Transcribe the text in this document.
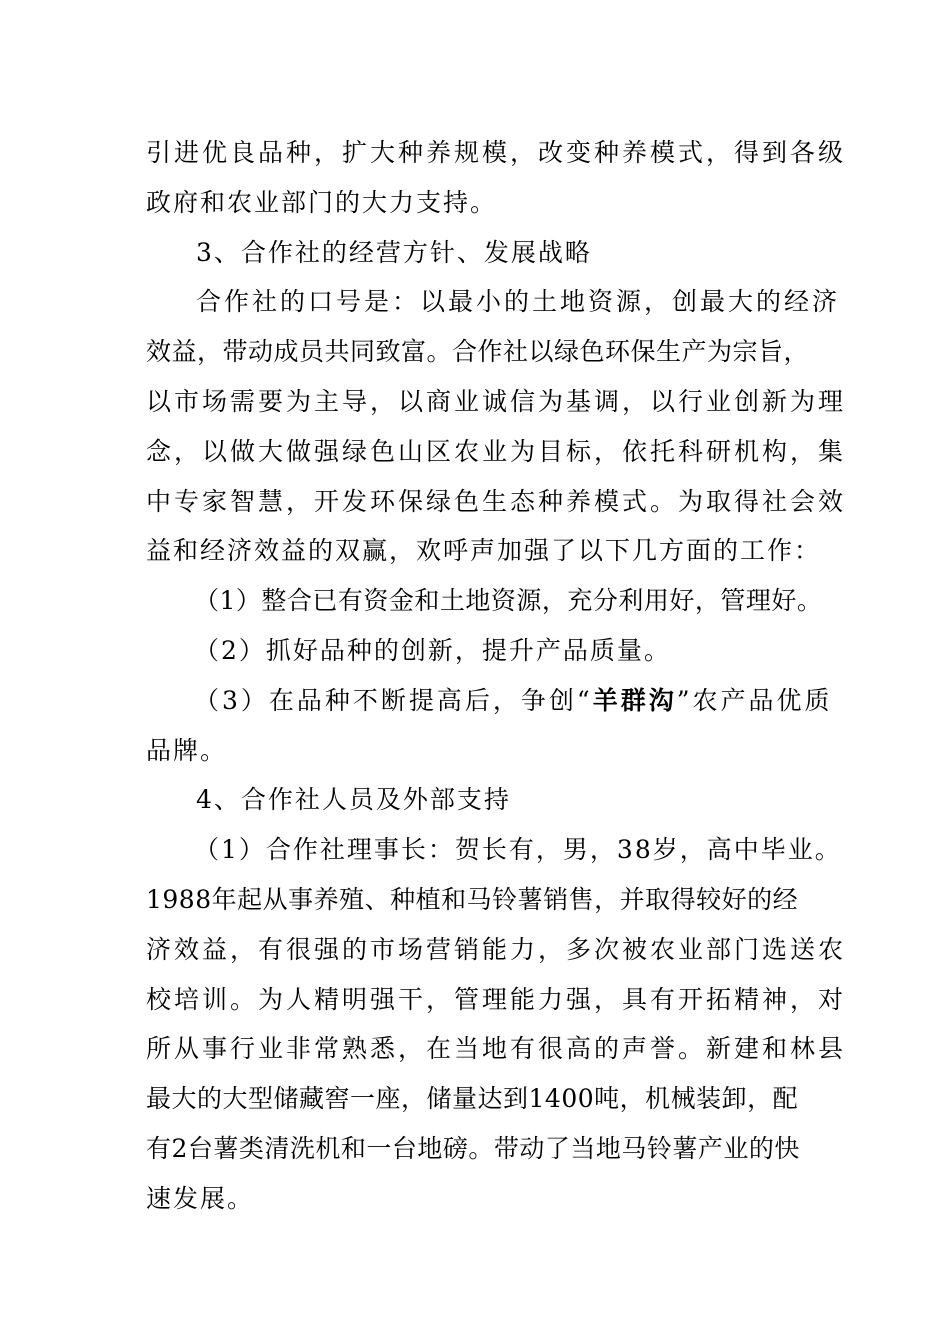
引进优良品种，扩大种养规模，改变种养模式，得到各级
政府和农业部门的大力支持。
3、合作社的经营方针、发展战略
合作社的口号是：以最小的土地资源，创最大的经济
效益，带动成员共同致富。合作社以绿色环保生产为宗旨，
以市场需要为主导，以商业诚信为基调，以行业创新为理
念，以做大做强绿色山区农业为目标，依托科研机构，集
中专家智慧，开发环保绿色生态种养模式。为取得社会效
益和经济效益的双赢，欢呼声加强了以下几方面的工作：
（1）整合已有资金和土地资源，充分利用好，管理好。
（2）抓好品种的创新，提升产品质量。
（3）在品种不断提高后，争创“羊群沟”农产品优质
品牌。
4、合作社人员及外部支持
（1）合作社理事长：贺长有，男，38岁，高中毕业。
1988年起从事养殖、种植和马铃薯销售，并取得较好的经
济效益，有很强的市场营销能力，多次被农业部门选送农
校培训。为人精明强干，管理能力强，具有开拓精神，对
所从事行业非常熟悉，在当地有很高的声誉。新建和林县
最大的大型储藏窖一座，储量达到1400吨，机械装卸，配
有2台薯类清洗机和一台地磅。带动了当地马铃薯产业的快
速发展。
